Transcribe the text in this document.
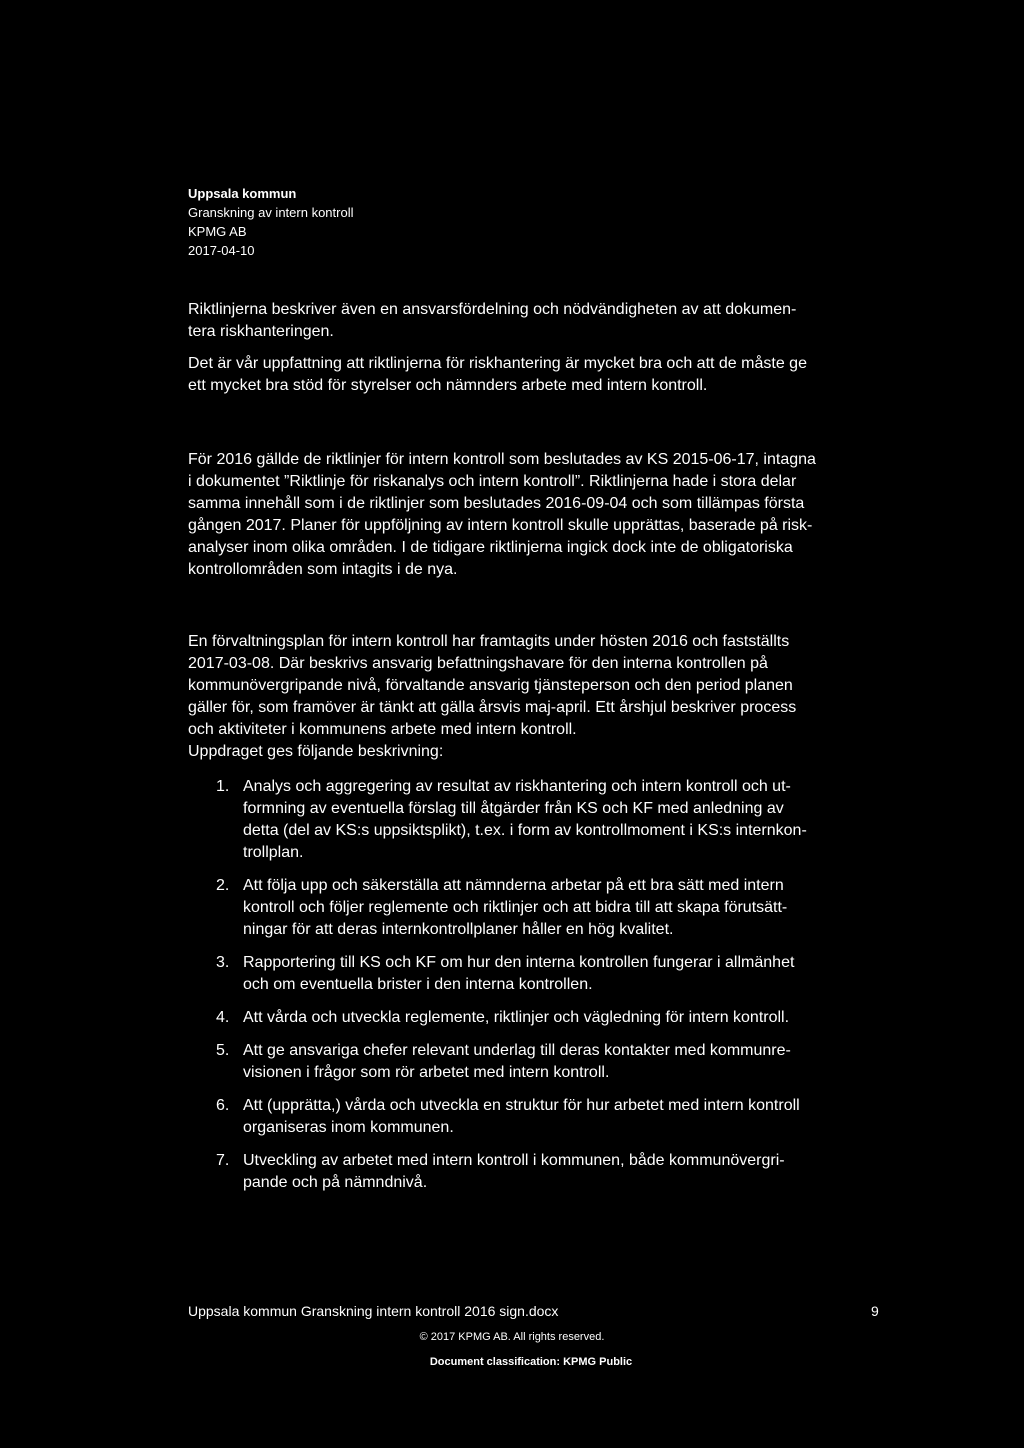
Uppsala kommun
Granskning av intern kontroll
KPMG AB
2017-04-10

Riktlinjerna beskriver även en ansvarsfördelning och nödvändigheten av att dokumen-
tera riskhanteringen.

Det är vår uppfattning att riktlinjerna för riskhantering är mycket bra och att de måste ge
ett mycket bra stöd för styrelser och nämnders arbete med intern kontroll.

För 2016 gällde de riktlinjer för intern kontroll som beslutades av KS 2015-06-17, intagna
i dokumentet ”Riktlinje för riskanalys och intern kontroll”. Riktlinjerna hade i stora delar
samma innehåll som i de riktlinjer som beslutades 2016-09-04 och som tillämpas första
gången 2017. Planer för uppföljning av intern kontroll skulle upprättas, baserade på risk-
analyser inom olika områden. I de tidigare riktlinjerna ingick dock inte de obligatoriska
kontrollområden som intagits i de nya.

En förvaltningsplan för intern kontroll har framtagits under hösten 2016 och fastställts
2017-03-08. Där beskrivs ansvarig befattningshavare för den interna kontrollen på
kommunövergripande nivå, förvaltande ansvarig tjänsteperson och den period planen
gäller för, som framöver är tänkt att gälla årsvis maj-april. Ett årshjul beskriver process
och aktiviteter i kommunens arbete med intern kontroll.

Uppdraget ges följande beskrivning:

1. Analys och aggregering av resultat av riskhantering och intern kontroll och ut-
formning av eventuella förslag till åtgärder från KS och KF med anledning av
detta (del av KS:s uppsiktsplikt), t.ex. i form av kontrollmoment i KS:s internkon-
trollplan.
2. Att följa upp och säkerställa att nämnderna arbetar på ett bra sätt med intern
kontroll och följer reglemente och riktlinjer och att bidra till att skapa förutsätt-
ningar för att deras internkontrollplaner håller en hög kvalitet.
3. Rapportering till KS och KF om hur den interna kontrollen fungerar i allmänhet
och om eventuella brister i den interna kontrollen.
4. Att vårda och utveckla reglemente, riktlinjer och vägledning för intern kontroll.
5. Att ge ansvariga chefer relevant underlag till deras kontakter med kommunre-
visionen i frågor som rör arbetet med intern kontroll.
6. Att (upprätta,) vårda och utveckla en struktur för hur arbetet med intern kontroll
organiseras inom kommunen.
7. Utveckling av arbetet med intern kontroll i kommunen, både kommunövergri-
pande och på nämndnivå.
Uppsala kommun Granskning intern kontroll 2016 sign.docx	9
© 2017 KPMG AB. All rights reserved.
Document classification: KPMG Public
